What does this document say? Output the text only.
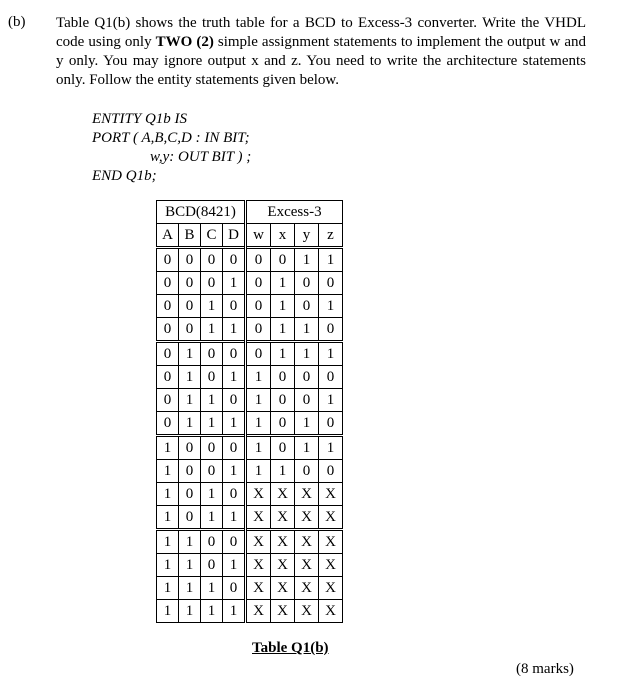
(b) Table Q1(b) shows the truth table for a BCD to Excess-3 converter. Write the VHDL code using only TWO (2) simple assignment statements to implement the output w and y only. You may ignore output x and z. You need to write the architecture statements only. Follow the entity statements given below.
ENTITY Q1b IS
PORT ( A,B,C,D : IN BIT;
w,y: OUT BIT ) ;
END Q1b;
BCD(8421)				Excess-3			
A	B	C	D	w	x	y	z
0	0	0	0	0	0	1	1
0	0	0	1	0	1	0	0
0	0	1	0	0	1	0	1
0	0	1	1	0	1	1	0
0	1	0	0	0	1	1	1
0	1	0	1	1	0	0	0
0	1	1	0	1	0	0	1
0	1	1	1	1	0	1	0
1	0	0	0	1	0	1	1
1	0	0	1	1	1	0	0
1	0	1	0	X	X	X	X
1	0	1	1	X	X	X	X
1	1	0	0	X	X	X	X
1	1	0	1	X	X	X	X
1	1	1	0	X	X	X	X
1	1	1	1	X	X	X	X
Table Q1(b)
(8 marks)
